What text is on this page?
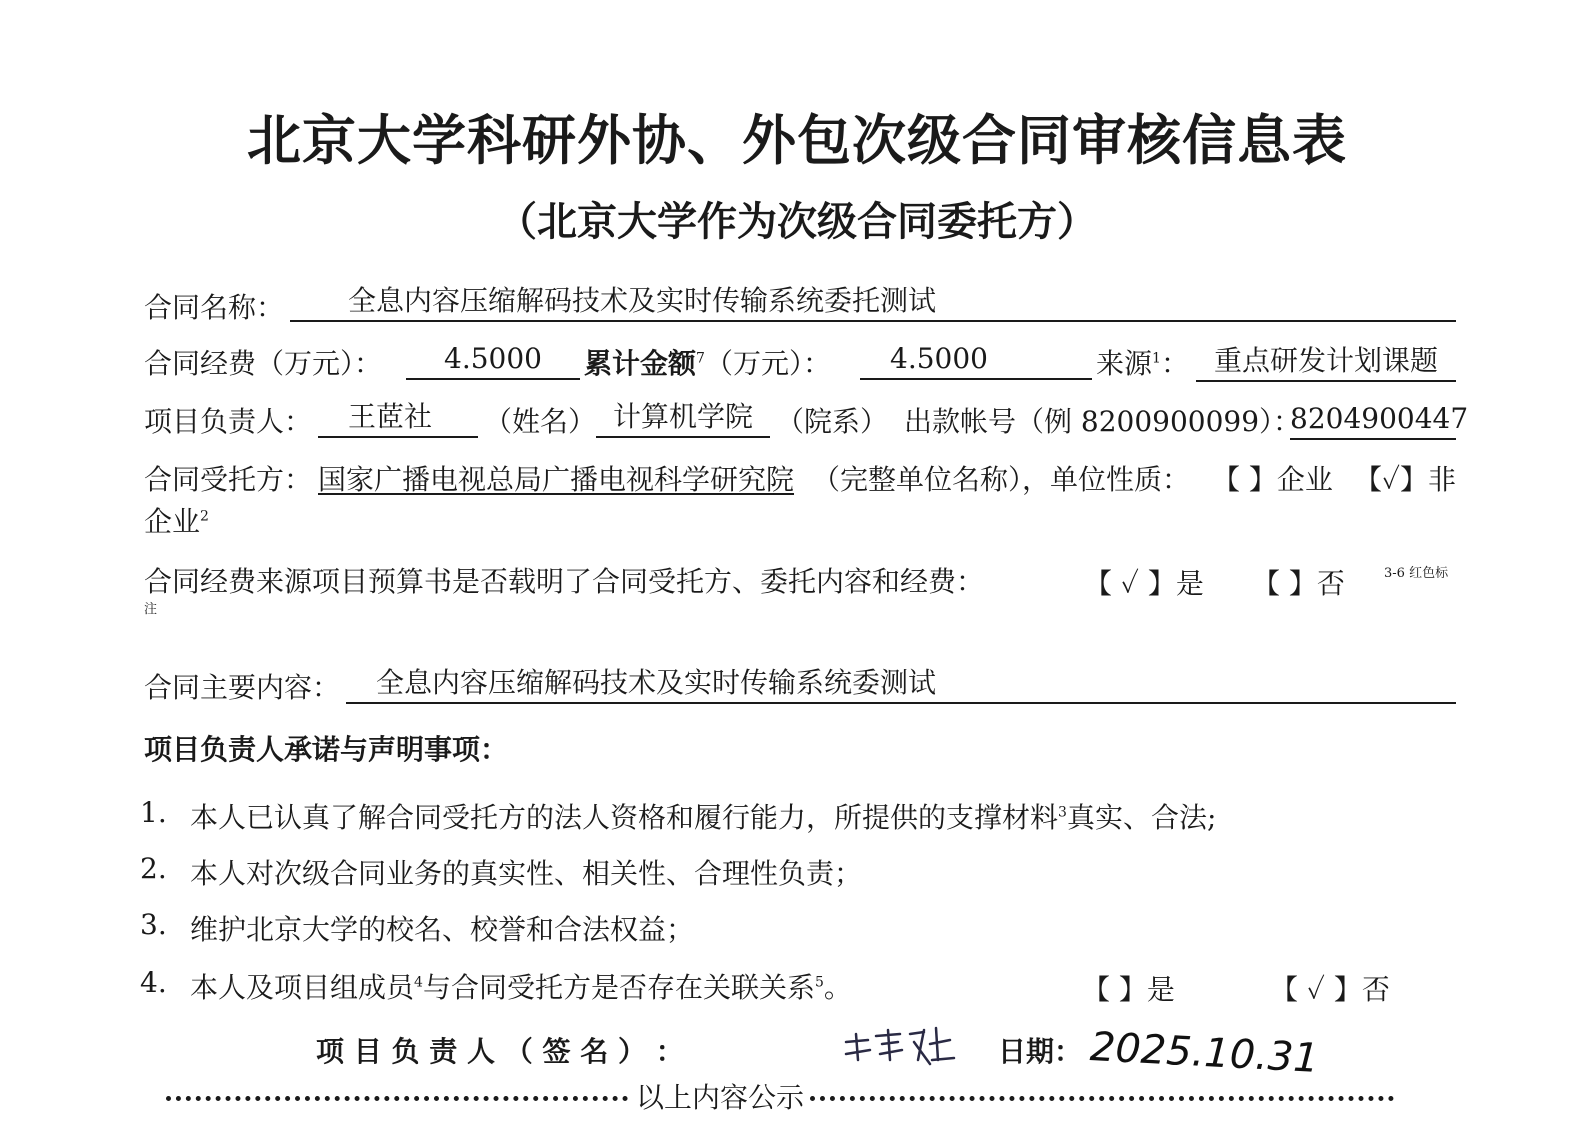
北京大学科研外协、外包次级合同审核信息表
（北京大学作为次级合同委托方）
合同名称：	全息内容压缩解码技术及实时传输系统委托测试
合同经费（万元）：	4.5000	累计金额$^7$（万元）：	4.5000	来源$^1$： 重点研发计划课题
项目负责人：	王茝社	（姓名） 计算机学院 （院系） 出款帐号（例 8200900099）：
8204900447
合同受托方： 国家广播电视总局广播电视科学研究院 （完整单位名称），单位性质： 【 】企业 【✓】非
企业$^2$
合同经费来源项目预算书是否载明了合同受托方、委托内容和经费：	【 ✓ 】是 【 】否	3-6 红色标
注
合同主要内容：	全息内容压缩解码技术及实时传输系统委测试
项目负责人承诺与声明事项：
1. 本人已认真了解合同受托方的法人资格和履行能力，所提供的支撑材料$^3$真实、合法;
2. 本人对次级合同业务的真实性、相关性、合理性负责；
3. 维护北京大学的校名、校誉和合法权益；
4. 本人及项目组成员$^4$与合同受托方是否存在关联关系$^5$。	【 】是	【 ✓ 】否
项 目 负 责 人 （ 签 名 ） ：	日期： 2025.10.31
以上内容公示
